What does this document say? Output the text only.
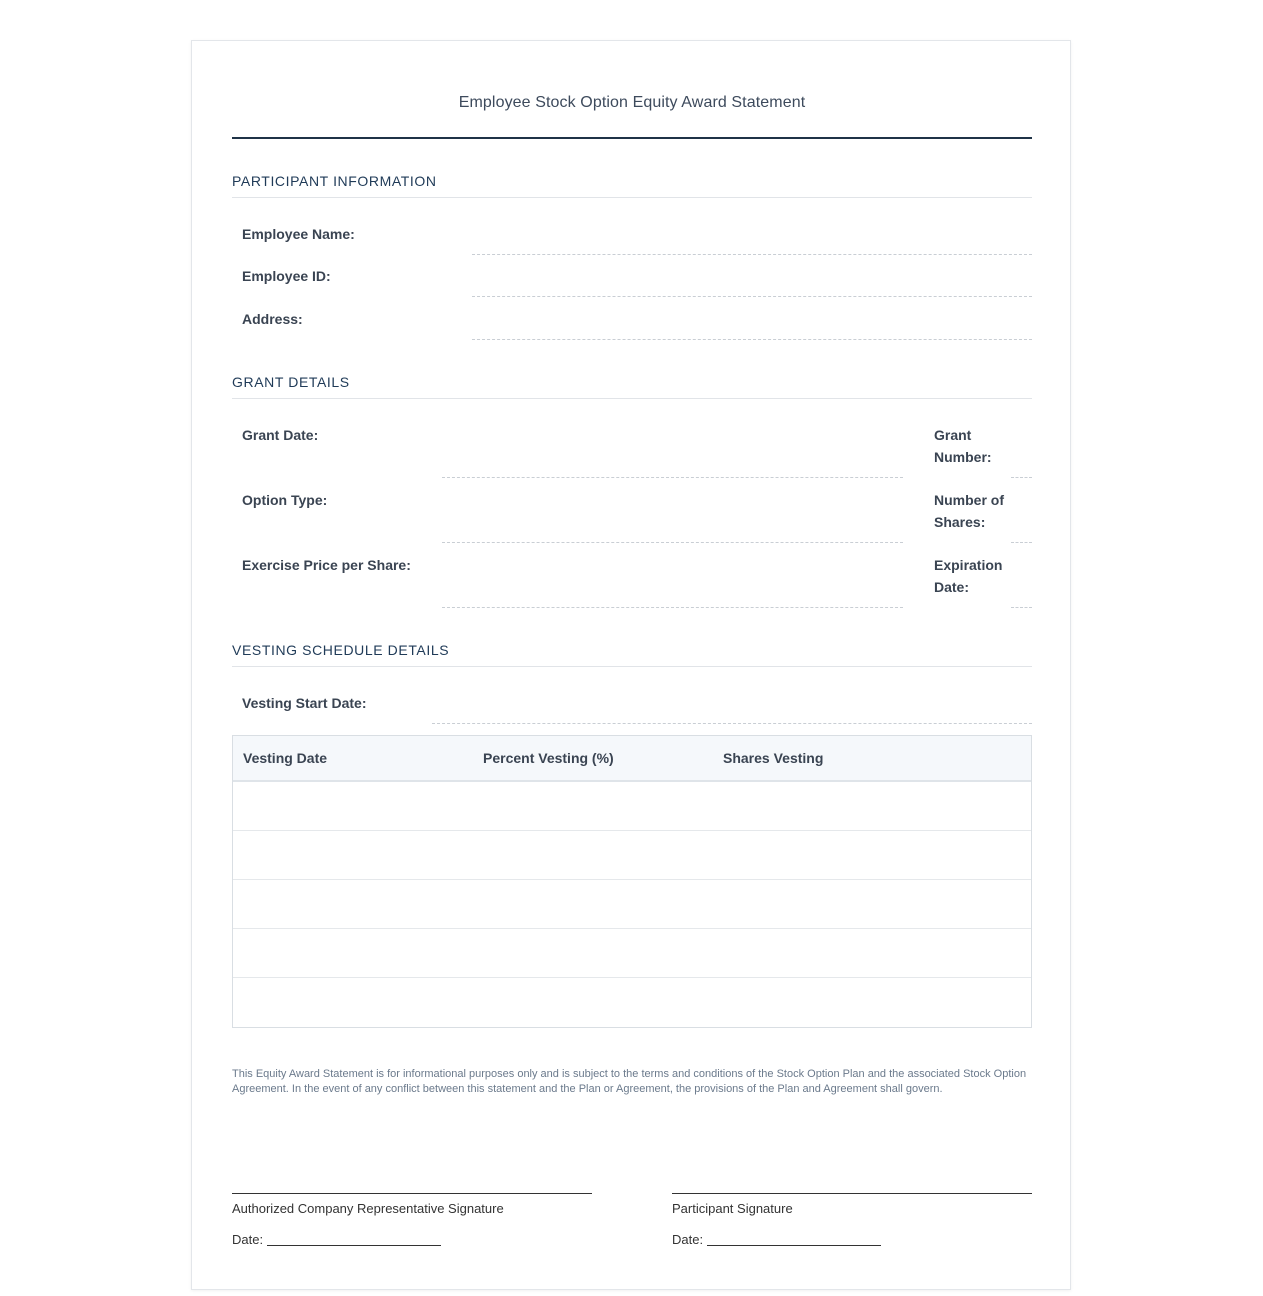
Employee Stock Option Equity Award Statement
PARTICIPANT INFORMATION
Employee Name:
Employee ID:
Address:
GRANT DETAILS
Grant Date:	Grant Number:
Option Type:	Number of Shares:
Exercise Price per Share:	Expiration Date:
VESTING SCHEDULE DETAILS
Vesting Start Date:
Vesting Date	Percent Vesting (%)	Shares Vesting
This Equity Award Statement is for informational purposes only and is subject to the terms and conditions of the Stock Option Plan and the associated Stock Option Agreement. In the event of any conflict between this statement and the Plan or Agreement, the provisions of the Plan and Agreement shall govern.
Authorized Company Representative Signature
Date:
Participant Signature
Date:
